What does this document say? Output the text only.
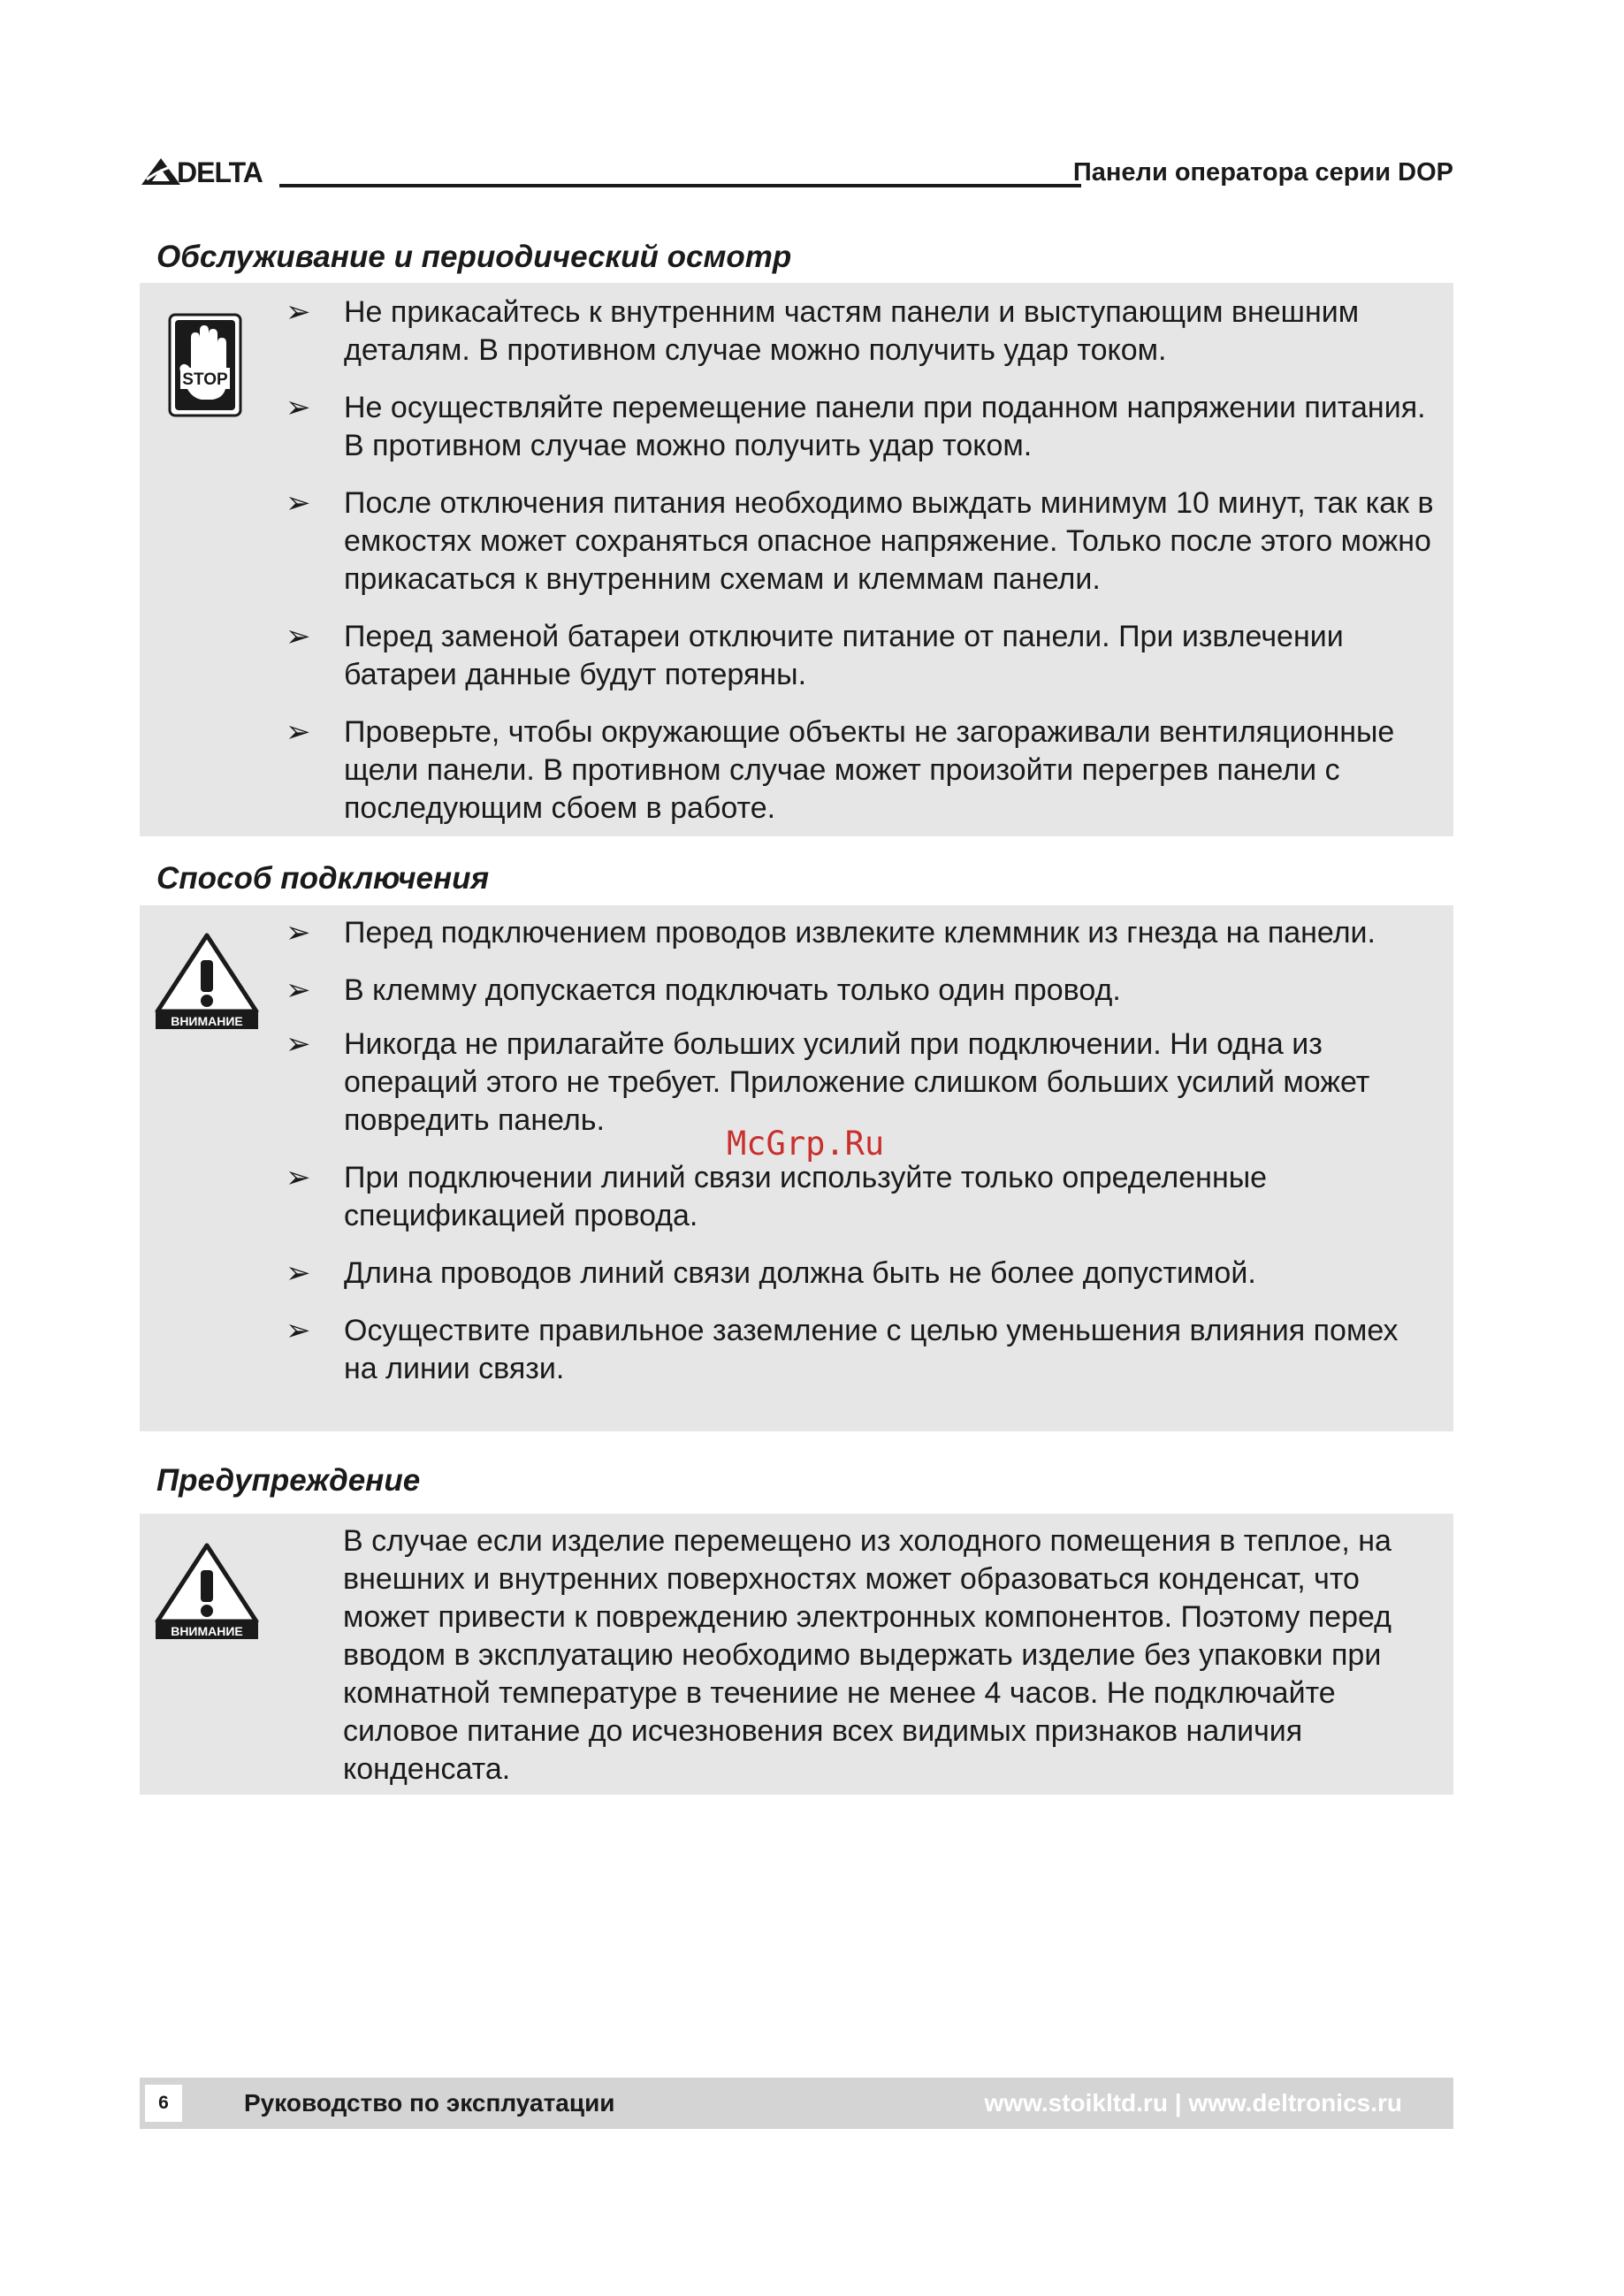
DELTA	Панели оператора серии DOP
Обслуживание и периодический осмотр
STOP
➢ Не прикасайтесь к внутренним частям панели и выступающим внешним деталям. В противном случае можно получить удар током.
➢ Не осуществляйте перемещение панели при поданном напряжении питания. В противном случае можно получить удар током.
➢ После отключения питания необходимо выждать минимум 10 минут, так как в емкостях может сохраняться опасное напряжение. Только после этого можно прикасаться к внутренним схемам и клеммам панели.
➢ Перед заменой батареи отключите питание от панели. При извлечении батареи данные будут потеряны.
➢ Проверьте, чтобы окружающие объекты не загораживали вентиляционные щели панели. В противном случае может произойти перегрев панели с последующим сбоем в работе.
Способ подключения
ВНИМАНИЕ
➢ Перед подключением проводов извлеките клеммник из гнезда на панели.
➢ В клемму допускается подключать только один провод.
➢ Никогда не прилагайте больших усилий при подключении. Ни одна из операций этого не требует. Приложение слишком больших усилий может повредить панель.
➢ При подключении линий связи используйте только определенные спецификацией провода.
➢ Длина проводов линий связи должна быть не более допустимой.
➢ Осуществите правильное заземление с целью уменьшения влияния помех на линии связи.
McGrp.Ru
Предупреждение
ВНИМАНИЕ

В случае если изделие перемещено из холодного помещения в теплое, на внешних и внутренних поверхностях может образоваться конденсат, что может привести к повреждению электронных компонентов. Поэтому перед вводом в эксплуатацию необходимо выдержать изделие без упаковки при комнатной температуре в течениие не менее 4 часов. Не подключайте силовое питание до исчезновения всех видимых признаков наличия конденсата.

6	Руководство по эксплуатации	www.stoikltd.ru | www.deltronics.ru
